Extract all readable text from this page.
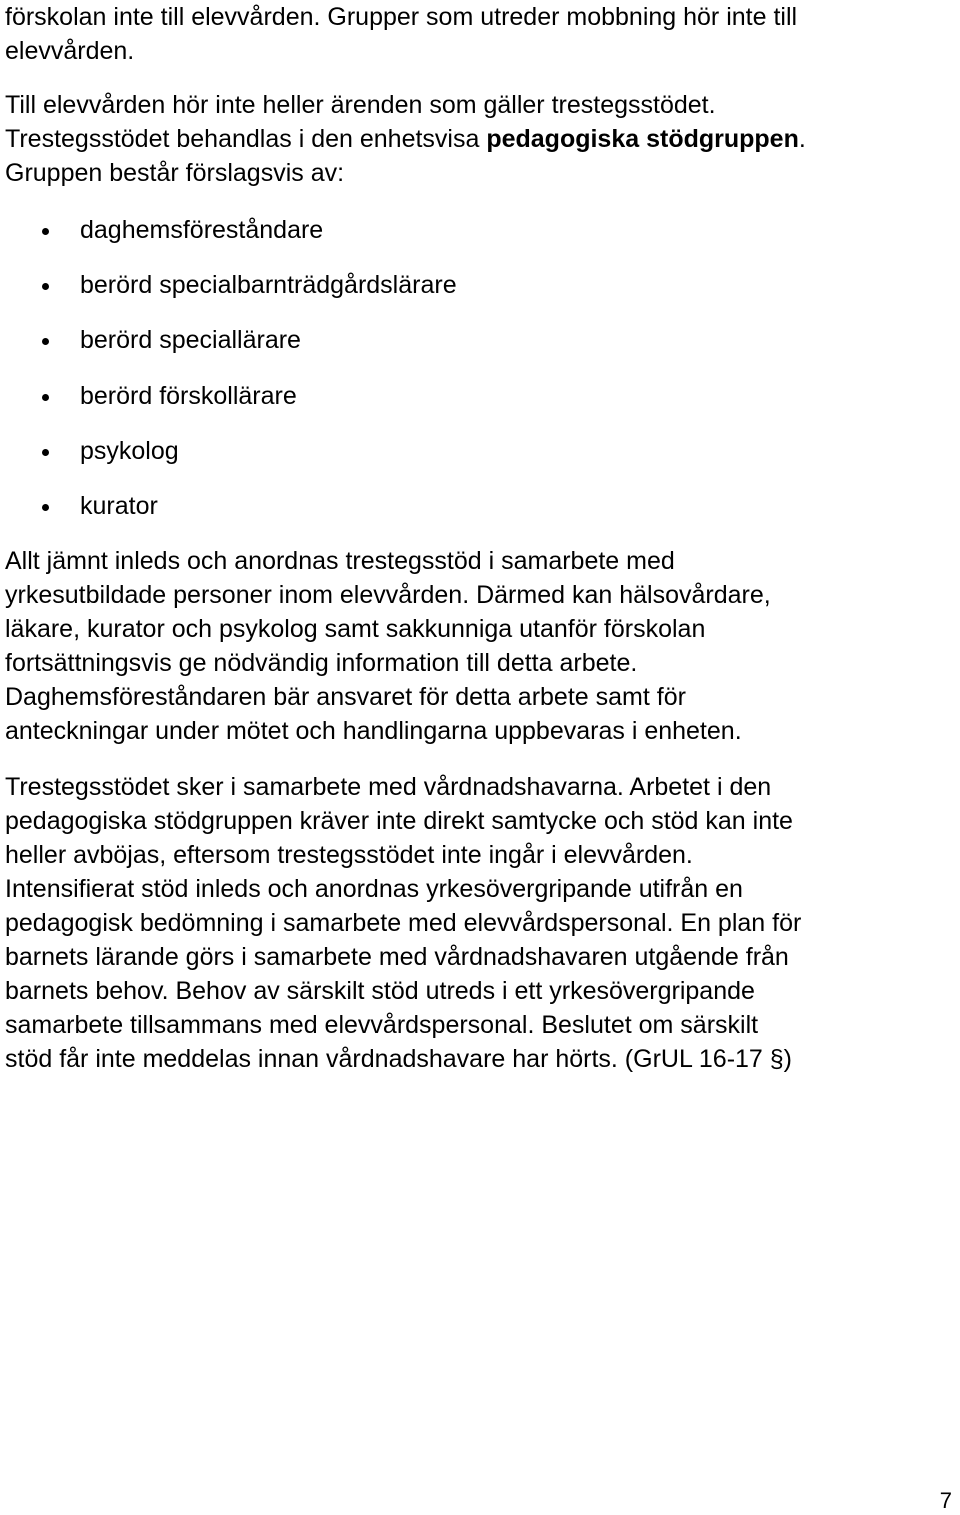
förskolan inte till elevvården. Grupper som utreder mobbning hör inte till
elevvården.

Till elevvården hör inte heller ärenden som gäller trestegsstödet.
Trestegsstödet behandlas i den enhetsvisa pedagogiska stödgruppen.
Gruppen består förslagsvis av:

daghemsföreståndare
berörd specialbarnträdgårdslärare
berörd speciallärare
berörd förskollärare
psykolog
kurator

Allt jämnt inleds och anordnas trestegsstöd i samarbete med
yrkesutbildade personer inom elevvården. Därmed kan hälsovårdare,
läkare, kurator och psykolog samt sakkunniga utanför förskolan
fortsättningsvis ge nödvändig information till detta arbete.
Daghemsföreståndaren bär ansvaret för detta arbete samt för
anteckningar under mötet och handlingarna uppbevaras i enheten.

Trestegsstödet sker i samarbete med vårdnadshavarna. Arbetet i den
pedagogiska stödgruppen kräver inte direkt samtycke och stöd kan inte
heller avböjas, eftersom trestegsstödet inte ingår i elevvården.
Intensifierat stöd inleds och anordnas yrkesövergripande utifrån en
pedagogisk bedömning i samarbete med elevvårdspersonal. En plan för
barnets lärande görs i samarbete med vårdnadshavaren utgående från
barnets behov. Behov av särskilt stöd utreds i ett yrkesövergripande
samarbete tillsammans med elevvårdspersonal. Beslutet om särskilt
stöd får inte meddelas innan vårdnadshavare har hörts. (GrUL 16-17 §)

7
